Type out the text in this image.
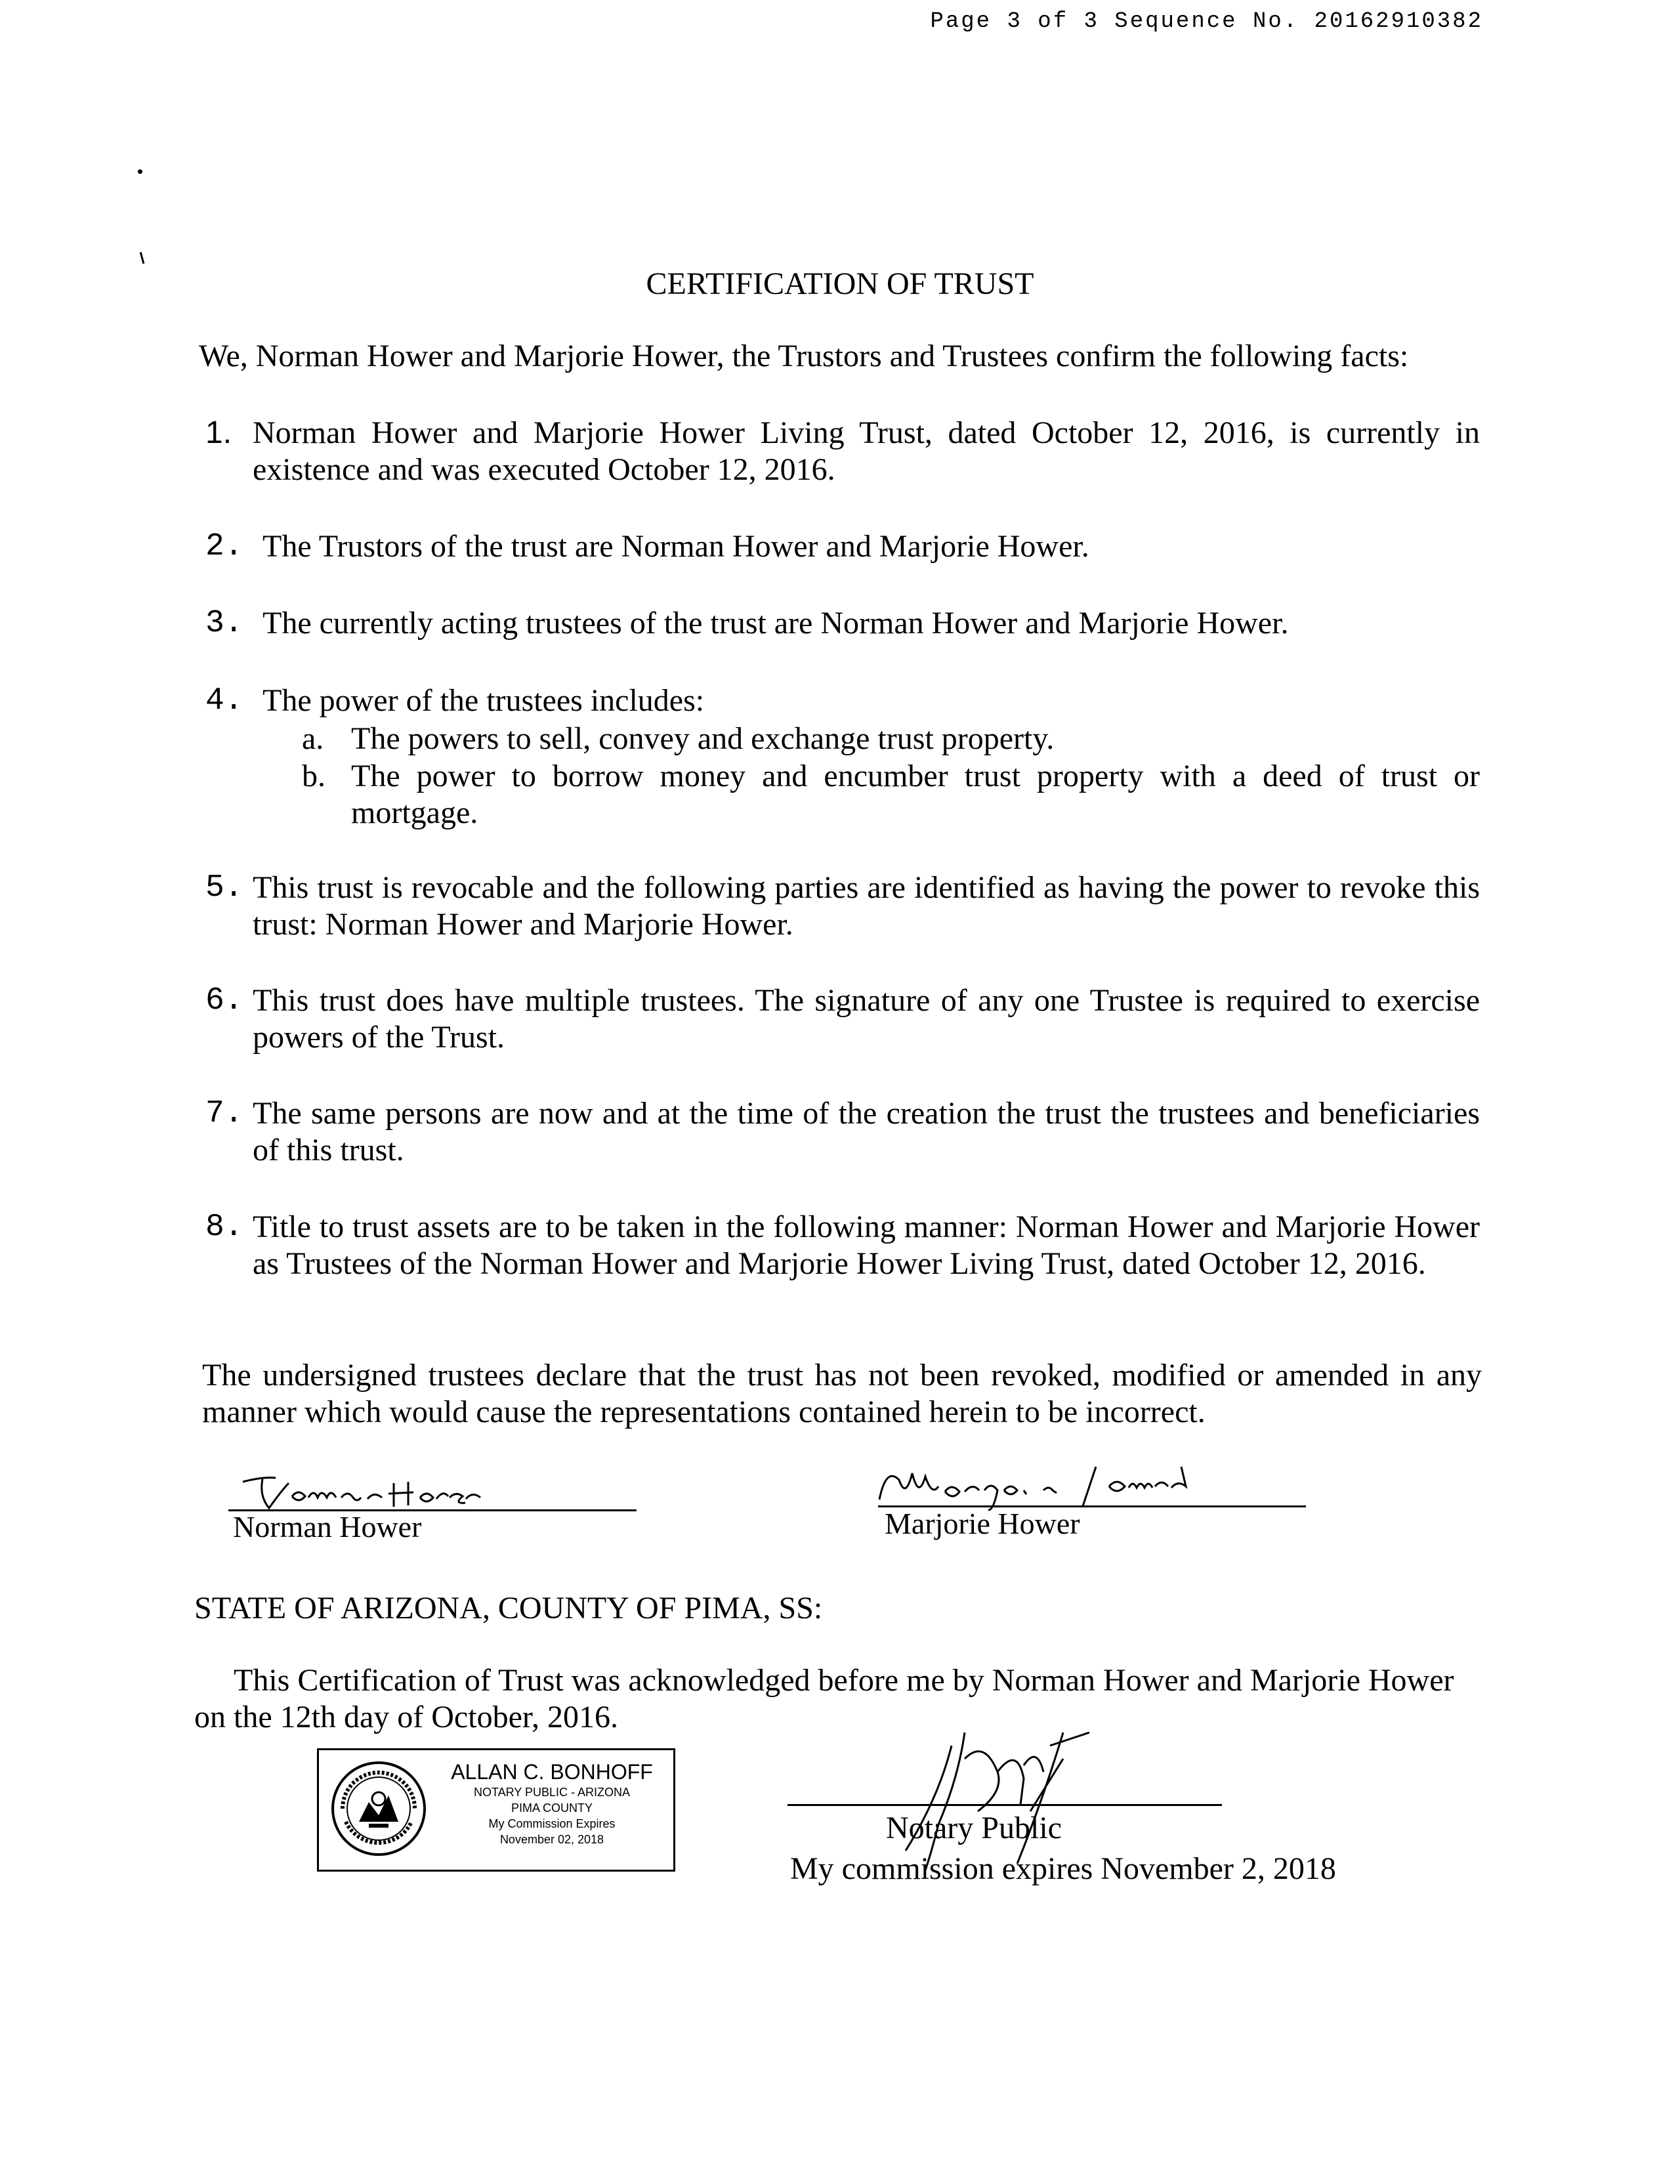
Page 3 of 3 Sequence No. 20162910382
CERTIFICATION OF TRUST
We, Norman Hower and Marjorie Hower, the Trustors and Trustees confirm the following facts:
1. Norman Hower and Marjorie Hower Living Trust, dated October 12, 2016, is currently in existence and was executed October 12, 2016.
2. The Trustors of the trust are Norman Hower and Marjorie Hower.
3. The currently acting trustees of the trust are Norman Hower and Marjorie Hower.
4. The power of the trustees includes:
a. The powers to sell, convey and exchange trust property.
b. The power to borrow money and encumber trust property with a deed of trust or mortgage.
5. This trust is revocable and the following parties are identified as having the power to revoke this trust: Norman Hower and Marjorie Hower.
6. This trust does have multiple trustees. The signature of any one Trustee is required to exercise powers of the Trust.
7. The same persons are now and at the time of the creation the trust the trustees and beneficiaries of this trust.
8. Title to trust assets are to be taken in the following manner: Norman Hower and Marjorie Hower as Trustees of the Norman Hower and Marjorie Hower Living Trust, dated October 12, 2016.
The undersigned trustees declare that the trust has not been revoked, modified or amended in any manner which would cause the representations contained herein to be incorrect.
Norman Hower	Marjorie Hower
STATE OF ARIZONA, COUNTY OF PIMA, SS:
This Certification of Trust was acknowledged before me by Norman Hower and Marjorie Hower on the 12th day of October, 2016.
ALLAN C. BONHOFF
NOTARY PUBLIC - ARIZONA
PIMA COUNTY
My Commission Expires
November 02, 2018	Notary Public
My commission expires November 2, 2018
